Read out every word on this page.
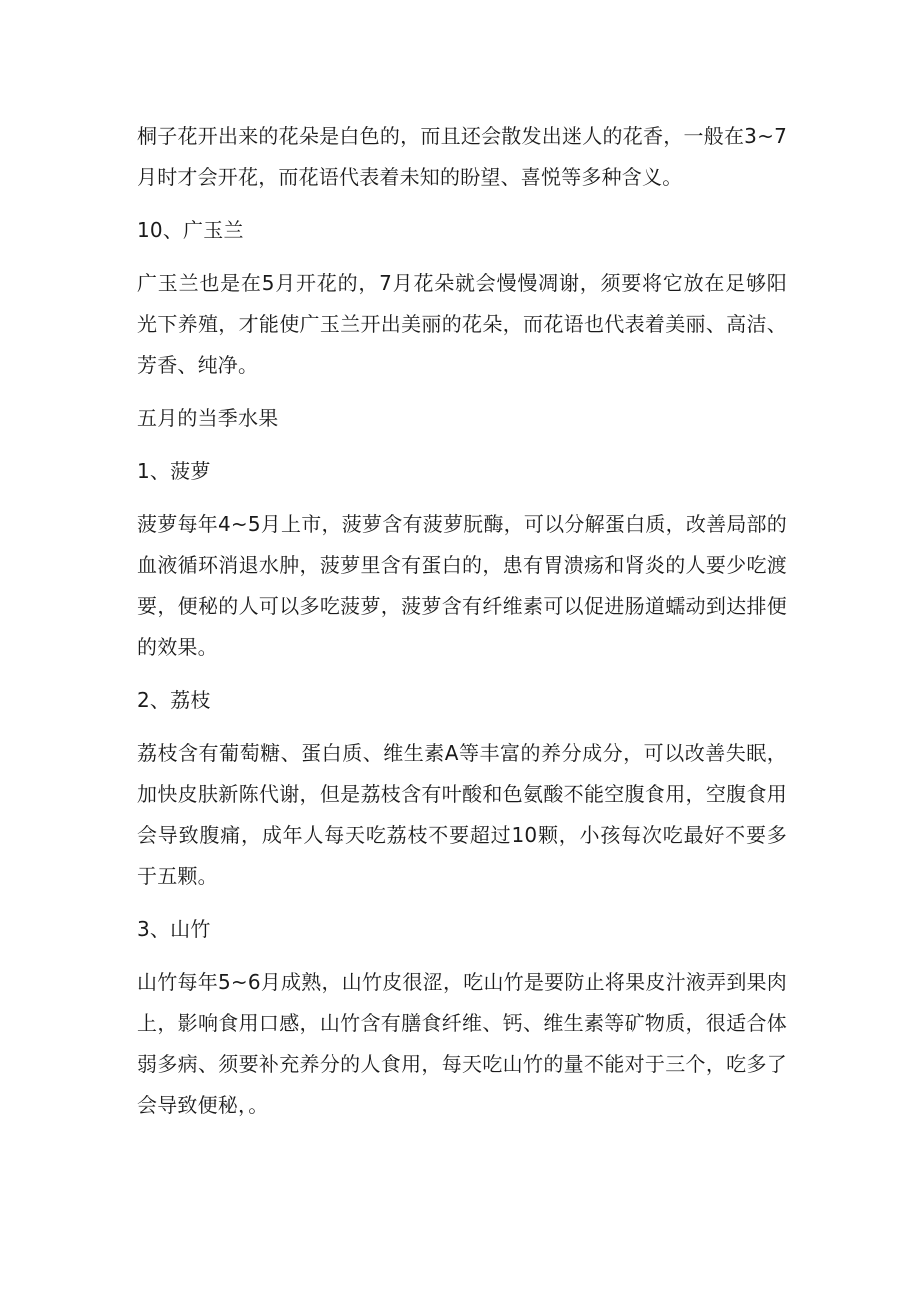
桐子花开出来的花朵是白色的，而且还会散发出迷人的花香，一般在3~7月时才会开花，而花语代表着未知的盼望、喜悦等多种含义。

10、广玉兰

广玉兰也是在5月开花的，7月花朵就会慢慢凋谢，须要将它放在足够阳光下养殖，才能使广玉兰开出美丽的花朵，而花语也代表着美丽、高洁、芳香、纯净。

五月的当季水果

1、菠萝

菠萝每年4~5月上市，菠萝含有菠萝朊酶，可以分解蛋白质，改善局部的血液循环消退水肿，菠萝里含有蛋白的，患有胃溃疡和肾炎的人要少吃渡要，便秘的人可以多吃菠萝，菠萝含有纤维素可以促进肠道蠕动到达排便的效果。

2、荔枝

荔枝含有葡萄糖、蛋白质、维生素A等丰富的养分成分，可以改善失眠，加快皮肤新陈代谢，但是荔枝含有叶酸和色氨酸不能空腹食用，空腹食用会导致腹痛，成年人每天吃荔枝不要超过10颗，小孩每次吃最好不要多于五颗。

3、山竹

山竹每年5~6月成熟，山竹皮很涩，吃山竹是要防止将果皮汁液弄到果肉上，影响食用口感，山竹含有膳食纤维、钙、维生素等矿物质，很适合体弱多病、须要补充养分的人食用，每天吃山竹的量不能对于三个，吃多了会导致便秘，。
